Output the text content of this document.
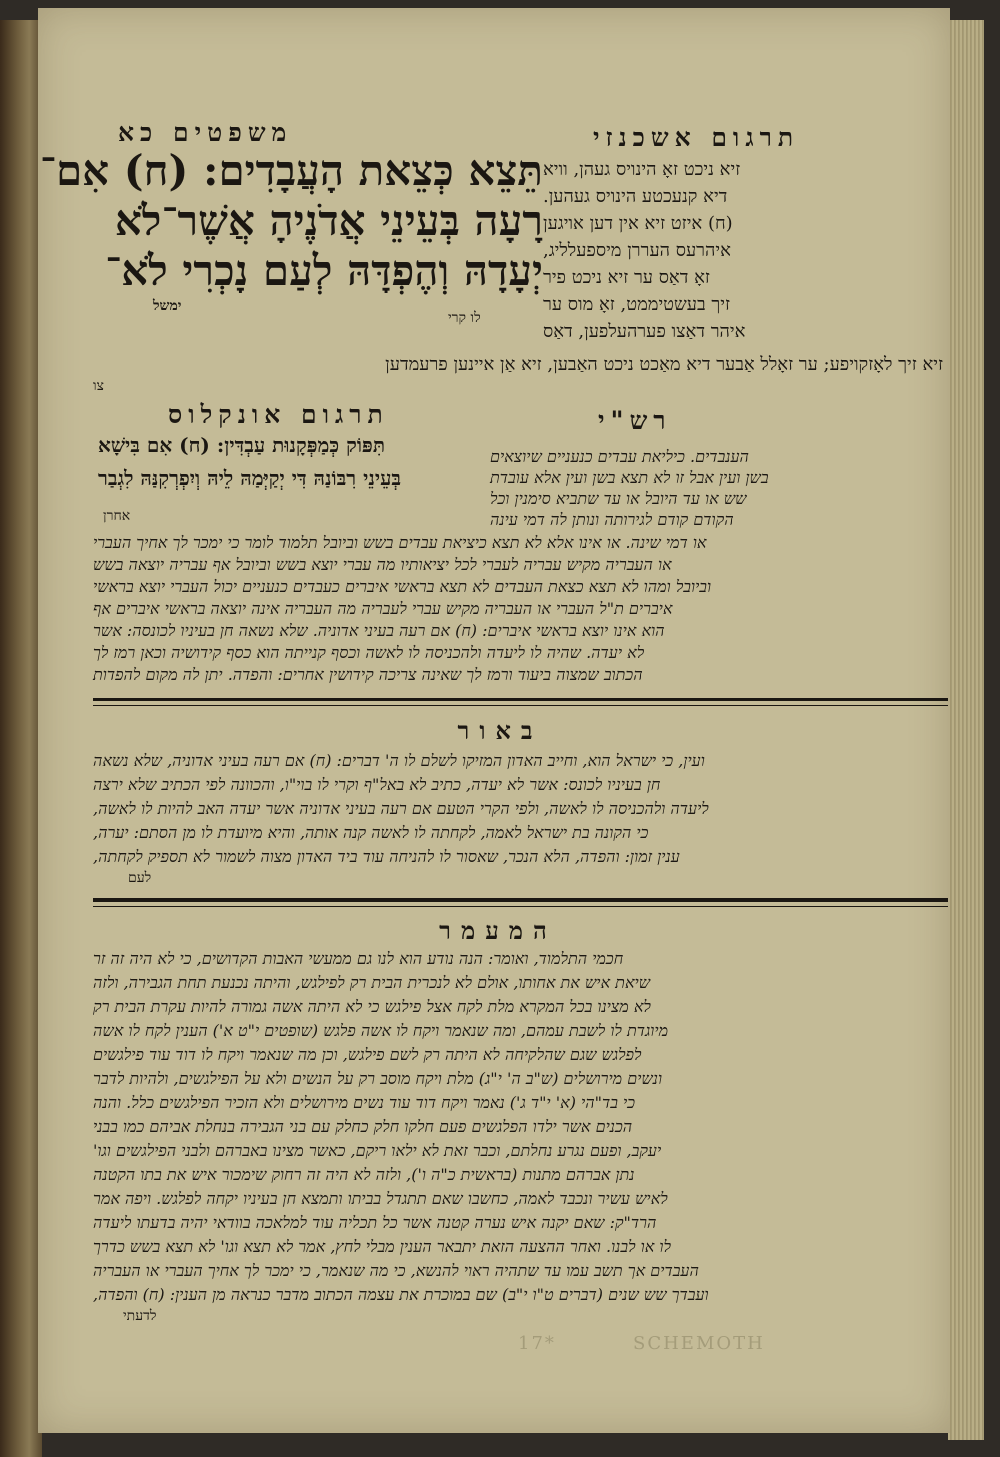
משפטים כא	תרגום אשכנזי
תֵּצֵא כְּצֵאת הָעֲבָדִים: (ח) אִם־
רָעָה בְּעֵינֵי אֲדֹנֶיהָ אֲשֶׁר־לֹא
יְעָדָהּ וְהֶפְדָּהּ לְעַם נָכְרִי לֹא־
לו קרי
ימשל
זיא ניכט זאָ הינויס געהן, וויא
דיא קנעכטע הינויס געהען.
(ח) איזט זיא אין דען אויגען
איהרעס העררן מיספעלליג,
זאָ דאַס ער זיא ניכט פיר
זיך בעשטיממט, זאָ מוס ער
איהר דאַצו פערהעלפען, דאַס
זיא זיך לאָזקויפע; ער זאָלל אַבער דיא מאַכט ניכט האַבען, זיא אַן איינען פרעמדען
צו
תרגום אונקלוס
תִּפּוֹק כְּמַפְּקָנוּת עַבְדִּין: (ח) אִם בִּישָׁא
בְּעֵינֵי רִבּוֹנַהּ דִּי יְקַיְּמַהּ לֵיהּ וְיִפְרְקִנַּהּ לִגְבַר
אחרן
רש"י
הענבדים. כיליאת עבדים כנעניים שיוצאים
בשן ועין אבל זו לא תצא בשן ועין אלא עובדת
שש או עד היובל או עד שתביא סימנין וכל
הקודם קודם לגירותה ונותן לה דמי עינה
או דמי שינה. או אינו אלא לא תצא כיציאת עבדים בשש וביובל תלמוד לומר כי ימכר לך אחיך העברי
או העבריה מקיש עבריה לעברי לכל יציאותיו מה עברי יוצא בשש וביובל אף עבריה יוצאה בשש
וביובל ומהו לא תצא כצאת העבדים לא תצא בראשי איברים כעבדים כנעניים יכול העברי יוצא בראשי
איברים ת"ל העברי או העבריה מקיש עברי לעבריה מה העבריה אינה יוצאה בראשי איברים אף
הוא אינו יוצא בראשי איברים: (ח) אם רעה בעיני אדוניה. שלא נשאה חן בעיניו לכונסה: אשר
לא יעדה. שהיה לו ליעדה ולהכניסה לו לאשה וכסף קנייתה הוא כסף קידושיה וכאן רמז לך
הכתוב שמצוה ביעוד ורמז לך שאינה צריכה קידושין אחרים: והפדה. יתן לה מקום להפדות
באור
ועין, כי ישראל הוא, וחייב האדון המזיקו לשלם לו ה' דברים: (ח) אם רעה בעיני אדוניה, שלא נשאה
חן בעיניו לכונס: אשר לא יעדה, כתיב לא באל"ף וקרי לו בוי"ו, והכוונה לפי הכתיב שלא ירצה
ליעדה ולהכניסה לו לאשה, ולפי הקרי הטעם אם רעה בעיני אדוניה אשר יעדה האב להיות לו לאשה,
כי הקונה בת ישראל לאמה, לקחתה לו לאשה קנה אותה, והיא מיועדת לו מן הסתם: יערה,
ענין זמון: והפדה, הלא הנכר, שאסור לו להניחה עוד ביד האדון מצוה לשמור לא תספיק לקחתה,
לעם
המעמר
חכמי התלמוד, ואומר: הנה נודע הוא לנו גם ממעשי האבות הקדושים, כי לא היה זה זר
שיאת איש את אחותו, אולם לא לנכרית הבית רק לפילגש, והיתה נכנעת תחת הגבירה, ולזה
לא מצינו בכל המקרא מלת לקח אצל פילגש כי לא היתה אשה גמורה להיות עקרת הבית רק
מיוגדת לו לשבת עמהם, ומה שנאמר ויקח לו אשה פלגש (שופטים י"ט א') הענין לקח לו אשה
לפלגש שגם שהלקיחה לא היתה רק לשם פילגש, וכן מה שנאמר ויקח לו דוד עוד פילגשים
ונשים מירושלים (ש"ב ה' י"ג) מלת ויקח מוסב רק על הנשים ולא על הפילגשים, ולהיות לדבר
כי בד"הי (א' י"ד ג') נאמר ויקח דוד עוד נשים מירושלים ולא הזכיר הפילגשים כלל. והנה
הכנים אשר ילדו הפלגשים פעם חלקו חלק כחלק עם בני הגבירה בנחלת אביהם כמו בבני
יעקב, ופעם נגרע נחלתם, וכבר זאת לא ילאו ריקם, כאשר מצינו באברהם ולבני הפילגשים וגו'
נתן אברהם מתנות (בראשית כ"ה ו'), ולזה לא היה זה רחוק שימכור איש את בתו הקטנה
לאיש עשיר ונכבד לאמה, כחשבו שאם תתגדל בביתו ותמצא חן בעיניו יקחה לפלגש. ויפה אמר
הרד"ק: שאם יקנה איש נערה קטנה אשר כל תכליה עוד למלאכה בוודאי יהיה בדעתו ליעדה
לו או לבנו. ואחר ההצעה הזאת יתבאר הענין מבלי לחץ, אמר לא תצא וגו' לא תצא בשש כדרך
העבדים אך תשב עמו עד שתהיה ראוי להנשא, כי מה שנאמר, כי ימכר לך אחיך העברי או העבריה
ועבדך שש שנים (דברים ט"ו י"ב) שם במוכרת את עצמה הכתוב מדבר כנראה מן הענין: (ח) והפדה,
לדעתי
SCHEMOTH
17*
